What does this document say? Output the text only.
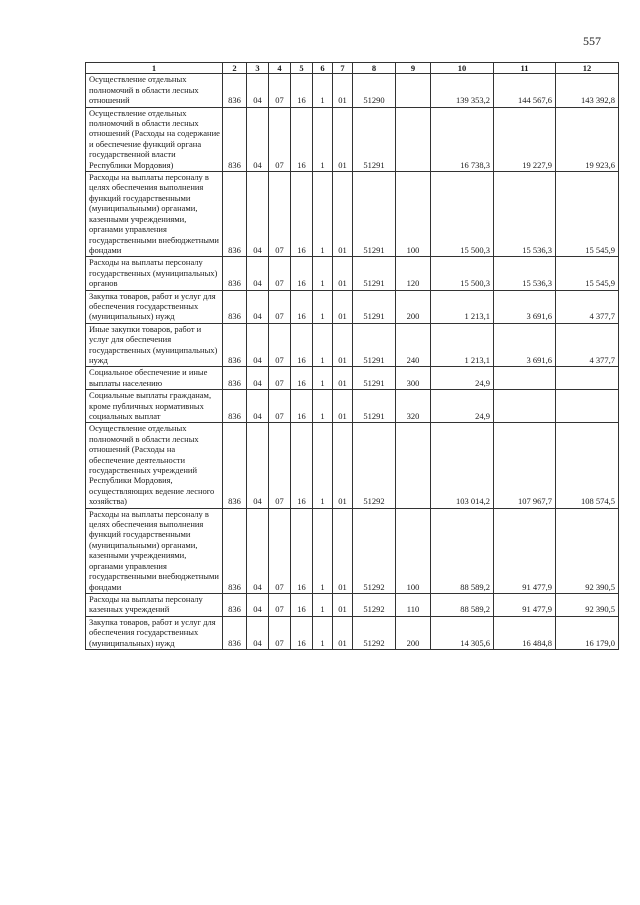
557
1	2	3	4	5	6	7	8	9	10	11	12
Осуществление отдельных полномочий в области лесных отношений	836	04	07	16	1	01	51290		139 353,2	144 567,6	143 392,8
Осуществление отдельных полномочий в области лесных отношений (Расходы на содержание и обеспечение функций органа государственной власти Республики Мордовия)	836	04	07	16	1	01	51291		16 738,3	19 227,9	19 923,6
Расходы на выплаты персоналу в целях обеспечения выполнения функций государственными (муниципальными) органами, казенными учреждениями, органами управления государственными внебюджетными фондами	836	04	07	16	1	01	51291	100	15 500,3	15 536,3	15 545,9
Расходы на выплаты персоналу государственных (муниципальных) органов	836	04	07	16	1	01	51291	120	15 500,3	15 536,3	15 545,9
Закупка товаров, работ и услуг для обеспечения государственных (муниципальных) нужд	836	04	07	16	1	01	51291	200	1 213,1	3 691,6	4 377,7
Иные закупки товаров, работ и услуг для обеспечения государственных (муниципальных) нужд	836	04	07	16	1	01	51291	240	1 213,1	3 691,6	4 377,7
Социальное обеспечение и иные выплаты населению	836	04	07	16	1	01	51291	300	24,9		
Социальные выплаты гражданам, кроме публичных нормативных социальных выплат	836	04	07	16	1	01	51291	320	24,9		
Осуществление отдельных полномочий в области лесных отношений (Расходы на обеспечение деятельности государственных учреждений Республики Мордовия, осуществляющих ведение лесного хозяйства)	836	04	07	16	1	01	51292		103 014,2	107 967,7	108 574,5
Расходы на выплаты персоналу в целях обеспечения выполнения функций государственными (муниципальными) органами, казенными учреждениями, органами управления государственными внебюджетными фондами	836	04	07	16	1	01	51292	100	88 589,2	91 477,9	92 390,5
Расходы на выплаты персоналу казенных учреждений	836	04	07	16	1	01	51292	110	88 589,2	91 477,9	92 390,5
Закупка товаров, работ и услуг для обеспечения государственных (муниципальных) нужд	836	04	07	16	1	01	51292	200	14 305,6	16 484,8	16 179,0
